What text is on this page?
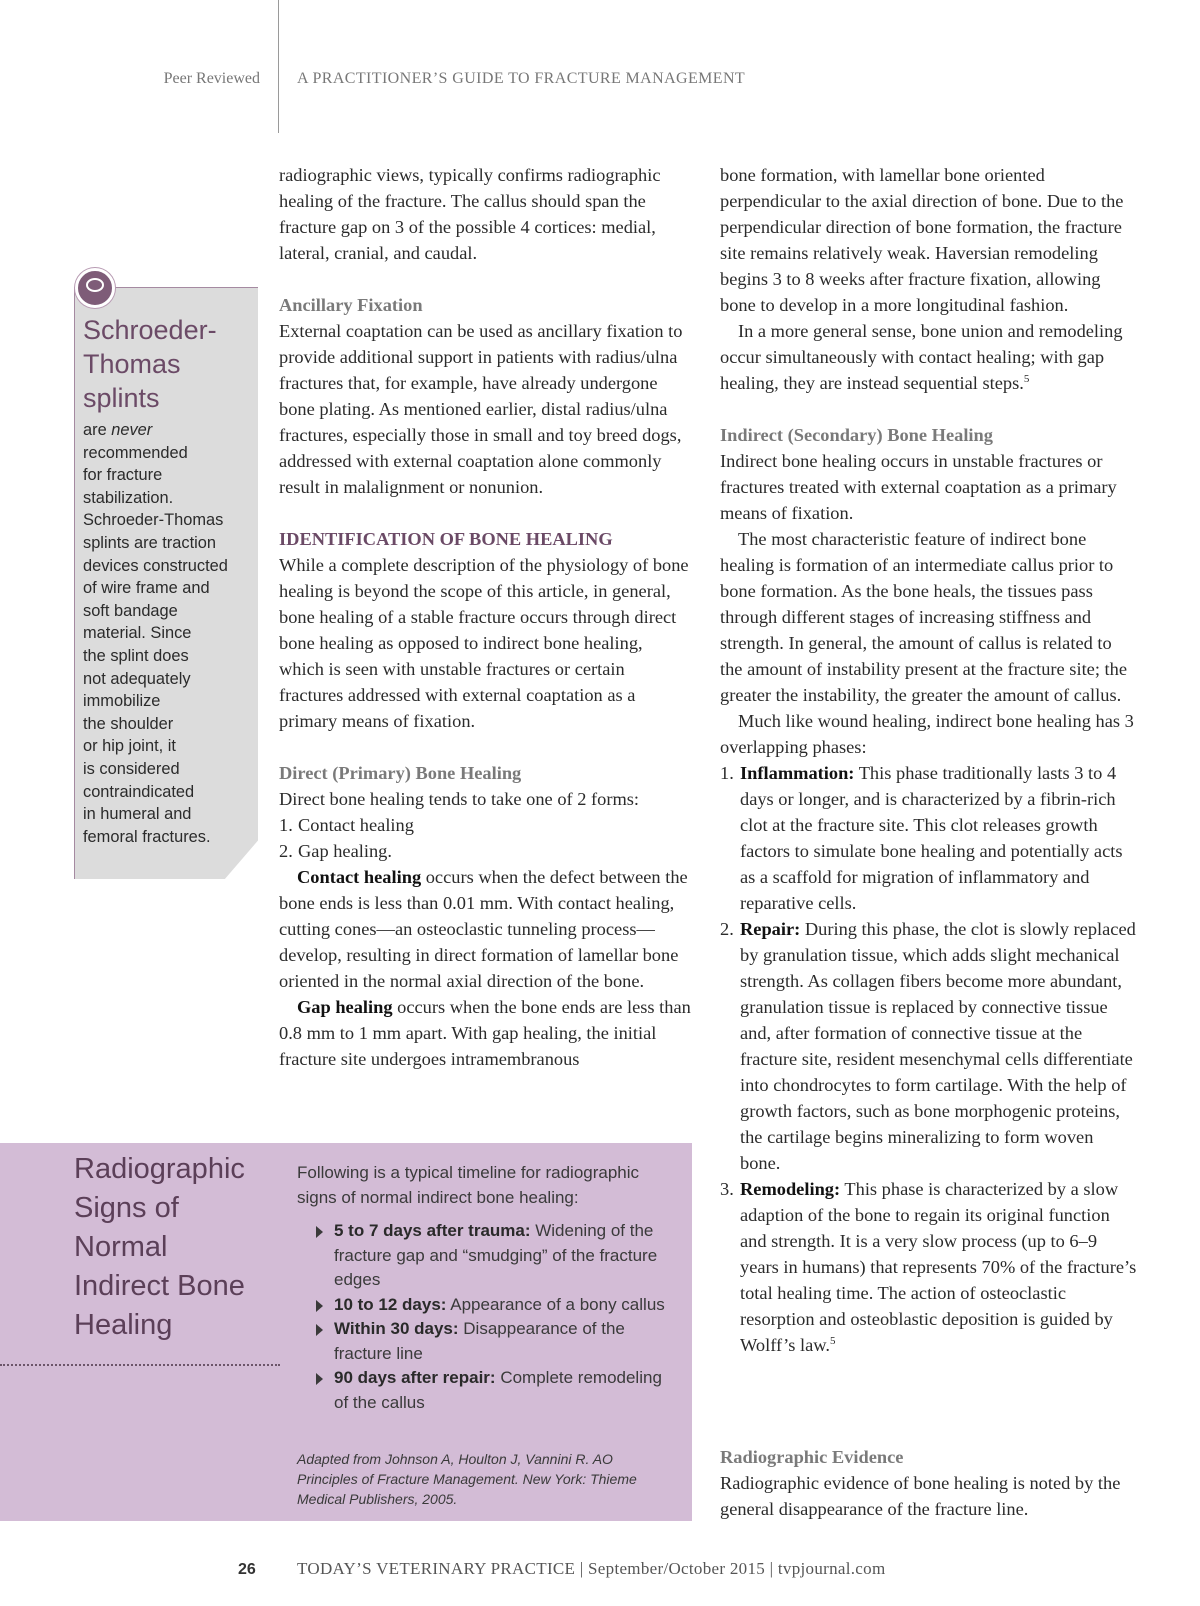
Peer Reviewed A PRACTITIONER’S GUIDE TO FRACTURE MANAGEMENT

radiographic views, typically confirms radiographic healing of the fracture. The callus should span the fracture gap on 3 of the possible 4 cortices: medial, lateral, cranial, and caudal.

Ancillary Fixation

External coaptation can be used as ancillary fixation to provide additional support in patients with radius/ulna fractures that, for example, have already undergone bone plating. As mentioned earlier, distal radius/ulna fractures, especially those in small and toy breed dogs, addressed with external coaptation alone commonly result in malalignment or nonunion.

IDENTIFICATION OF BONE HEALING

While a complete description of the physiology of bone healing is beyond the scope of this article, in general, bone healing of a stable fracture occurs through direct bone healing as opposed to indirect bone healing, which is seen with unstable fractures or certain fractures addressed with external coaptation as a primary means of fixation.

Direct (Primary) Bone Healing

Direct bone healing tends to take one of 2 forms:

1. Contact healing
2. Gap healing.

Contact healing occurs when the defect between the bone ends is less than 0.01 mm. With contact healing, cutting cones—an osteoclastic tunneling process—develop, resulting in direct formation of lamellar bone oriented in the normal axial direction of the bone.

Gap healing occurs when the bone ends are less than 0.8 mm to 1 mm apart. With gap healing, the initial fracture site undergoes intramembranous

bone formation, with lamellar bone oriented perpendicular to the axial direction of bone. Due to the perpendicular direction of bone formation, the fracture site remains relatively weak. Haversian remodeling begins 3 to 8 weeks after fracture fixation, allowing bone to develop in a more longitudinal fashion.

In a more general sense, bone union and remodeling occur simultaneously with contact healing; with gap healing, they are instead sequential steps.$^5$

Indirect (Secondary) Bone Healing

Indirect bone healing occurs in unstable fractures or fractures treated with external coaptation as a primary means of fixation.

The most characteristic feature of indirect bone healing is formation of an intermediate callus prior to bone formation. As the bone heals, the tissues pass through different stages of increasing stiffness and strength. In general, the amount of callus is related to the amount of instability present at the fracture site; the greater the instability, the greater the amount of callus.

Much like wound healing, indirect bone healing has 3 overlapping phases:

1. Inflammation: This phase traditionally lasts 3 to 4 days or longer, and is characterized by a fibrin-rich clot at the fracture site. This clot releases growth factors to simulate bone healing and potentially acts as a scaffold for migration of inflammatory and reparative cells.
2. Repair: During this phase, the clot is slowly replaced by granulation tissue, which adds slight mechanical strength. As collagen fibers become more abundant, granulation tissue is replaced by connective tissue and, after formation of connective tissue at the fracture site, resident mesenchymal cells differentiate into chondrocytes to form cartilage. With the help of growth factors, such as bone morphogenic proteins, the cartilage begins mineralizing to form woven bone.
3. Remodeling: This phase is characterized by a slow adaption of the bone to regain its original function and strength. It is a very slow process (up to 6–9 years in humans) that represents 70% of the fracture’s total healing time. The action of osteoclastic resorption and osteoblastic deposition is guided by Wolff’s law.$^5$
Radiographic Evidence

Radiographic evidence of bone healing is noted by the general disappearance of the fracture line.

Schroeder-
Thomas
splints
are never
recommended
for fracture
stabilization.
Schroeder-Thomas
splints are traction
devices constructed
of wire frame and
soft bandage
material. Since
the splint does
not adequately
immobilize
the shoulder
or hip joint, it
is considered
contraindicated
in humeral and
femoral fractures.
Radiographic
Signs of
Normal
Indirect Bone
Healing
Following is a typical timeline for radiographic signs of normal indirect bone healing:
5 to 7 days after trauma: Widening of the fracture gap and “smudging” of the fracture edges
10 to 12 days: Appearance of a bony callus
Within 30 days: Disappearance of the fracture line
90 days after repair: Complete remodeling of the callus
Adapted from Johnson A, Houlton J, Vannini R. AO Principles of Fracture Management. New York: Thieme Medical Publishers, 2005.
26 TODAY’S VETERINARY PRACTICE | September/October 2015 | tvpjournal.com
